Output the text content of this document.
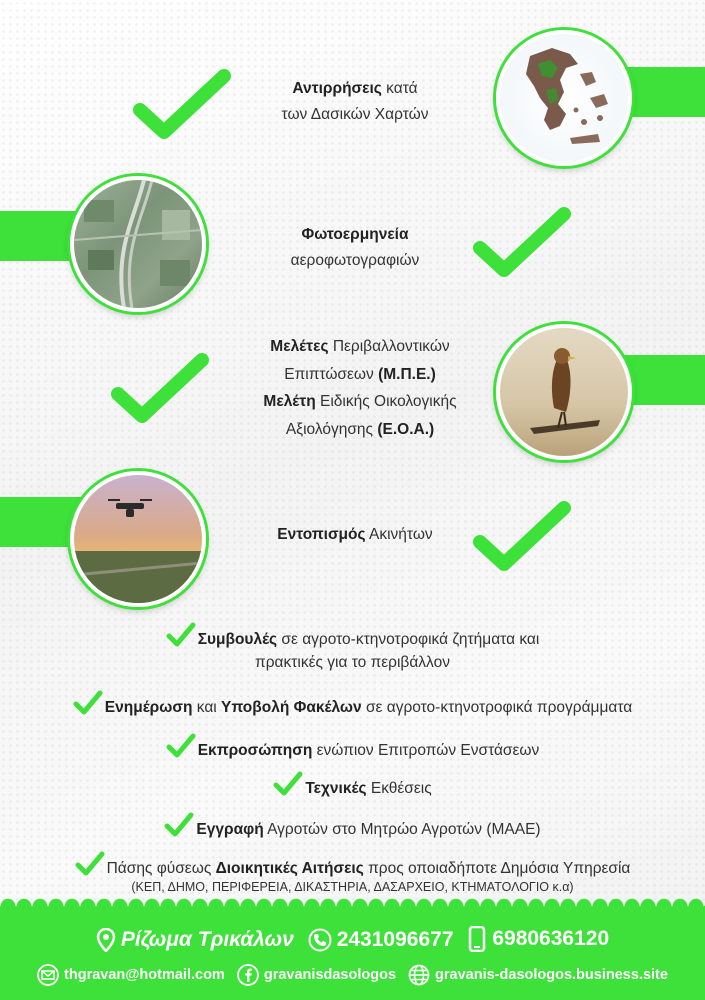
Αντιρρήσεις κατά
των Δασικών Χαρτών
Φωτοερμηνεία
αεροφωτογραφιών
Μελέτες Περιβαλλοντικών
Επιπτώσεων (Μ.Π.Ε.)
Μελέτη Ειδικής Οικολογικής
Αξιολόγησης (Ε.Ο.Α.)
Εντοπισμός Ακινήτων
Συμβουλές σε αγροτο-κτηνοτροφικά ζητήματα και
πρακτικές για το περιβάλλον
Ενημέρωση και Υποβολή Φακέλων σε αγροτο-κτηνοτροφικά προγράμματα
Εκπροσώπηση ενώπιον Επιτροπών Ενστάσεων
Τεχνικές Εκθέσεις
Εγγραφή Αγροτών στο Μητρώο Αγροτών (ΜΑΑΕ)
Πάσης φύσεως Διοικητικές Αιτήσεις προς οποιαδήποτε Δημόσια Υπηρεσία
(ΚΕΠ, ΔΗΜΟ, ΠΕΡΙΦΕΡΕΙΑ, ΔΙΚΑΣΤΗΡΙΑ, ΔΑΣΑΡΧΕΙΟ, ΚΤΗΜΑΤΟΛΟΓΙΟ κ.α)
Ρίζωμα Τρικάλων
2431096677
6980636120
thgravan@hotmail.com
	gravanisdasologos
	gravanis-dasologos.business.site
